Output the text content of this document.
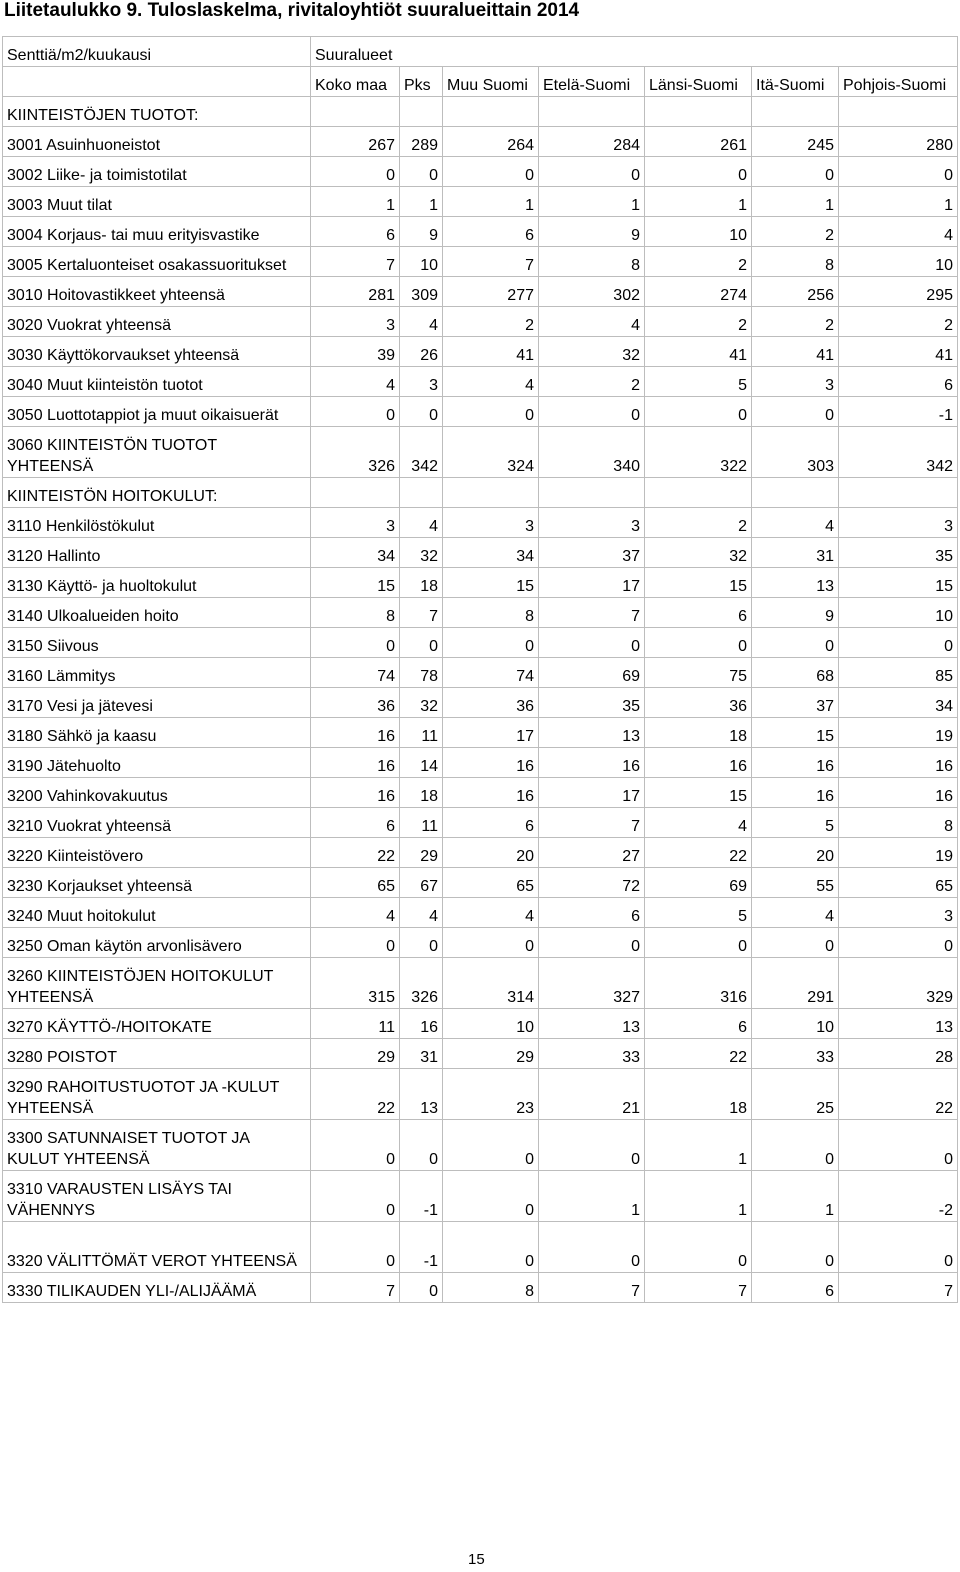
Liitetaulukko 9. Tuloslaskelma, rivitaloyhtiöt suuralueittain 2014
Senttiä/m2/kuukausi	Suuralueet						
	Koko maa	Pks	Muu Suomi	Etelä-Suomi	Länsi-Suomi	Itä-Suomi	Pohjois-Suomi
KIINTEISTÖJEN TUOTOT:							
3001 Asuinhuoneistot	267	289	264	284	261	245	280
3002 Liike- ja toimistotilat	0	0	0	0	0	0	0
3003 Muut tilat	1	1	1	1	1	1	1
3004 Korjaus- tai muu erityisvastike	6	9	6	9	10	2	4
3005 Kertaluonteiset osakassuoritukset	7	10	7	8	2	8	10
3010 Hoitovastikkeet yhteensä	281	309	277	302	274	256	295
3020 Vuokrat yhteensä	3	4	2	4	2	2	2
3030 Käyttökorvaukset yhteensä	39	26	41	32	41	41	41
3040 Muut kiinteistön tuotot	4	3	4	2	5	3	6
3050 Luottotappiot ja muut oikaisuerät	0	0	0	0	0	0	-1
3060 KIINTEISTÖN TUOTOT YHTEENSÄ	326	342	324	340	322	303	342
KIINTEISTÖN HOITOKULUT:							
3110 Henkilöstökulut	3	4	3	3	2	4	3
3120 Hallinto	34	32	34	37	32	31	35
3130 Käyttö- ja huoltokulut	15	18	15	17	15	13	15
3140 Ulkoalueiden hoito	8	7	8	7	6	9	10
3150 Siivous	0	0	0	0	0	0	0
3160 Lämmitys	74	78	74	69	75	68	85
3170 Vesi ja jätevesi	36	32	36	35	36	37	34
3180 Sähkö ja kaasu	16	11	17	13	18	15	19
3190 Jätehuolto	16	14	16	16	16	16	16
3200 Vahinkovakuutus	16	18	16	17	15	16	16
3210 Vuokrat yhteensä	6	11	6	7	4	5	8
3220 Kiinteistövero	22	29	20	27	22	20	19
3230 Korjaukset yhteensä	65	67	65	72	69	55	65
3240 Muut hoitokulut	4	4	4	6	5	4	3
3250 Oman käytön arvonlisävero	0	0	0	0	0	0	0
3260 KIINTEISTÖJEN HOITOKULUT YHTEENSÄ	315	326	314	327	316	291	329
3270 KÄYTTÖ-/HOITOKATE	11	16	10	13	6	10	13
3280 POISTOT	29	31	29	33	22	33	28
3290 RAHOITUSTUOTOT JA -KULUT YHTEENSÄ	22	13	23	21	18	25	22
3300 SATUNNAISET TUOTOT JA KULUT YHTEENSÄ	0	0	0	0	1	0	0
3310 VARAUSTEN LISÄYS TAI VÄHENNYS	0	-1	0	1	1	1	-2
3320 VÄLITTÖMÄT VEROT YHTEENSÄ	0	-1	0	0	0	0	0
3330 TILIKAUDEN YLI-/ALIJÄÄMÄ	7	0	8	7	7	6	7
15
